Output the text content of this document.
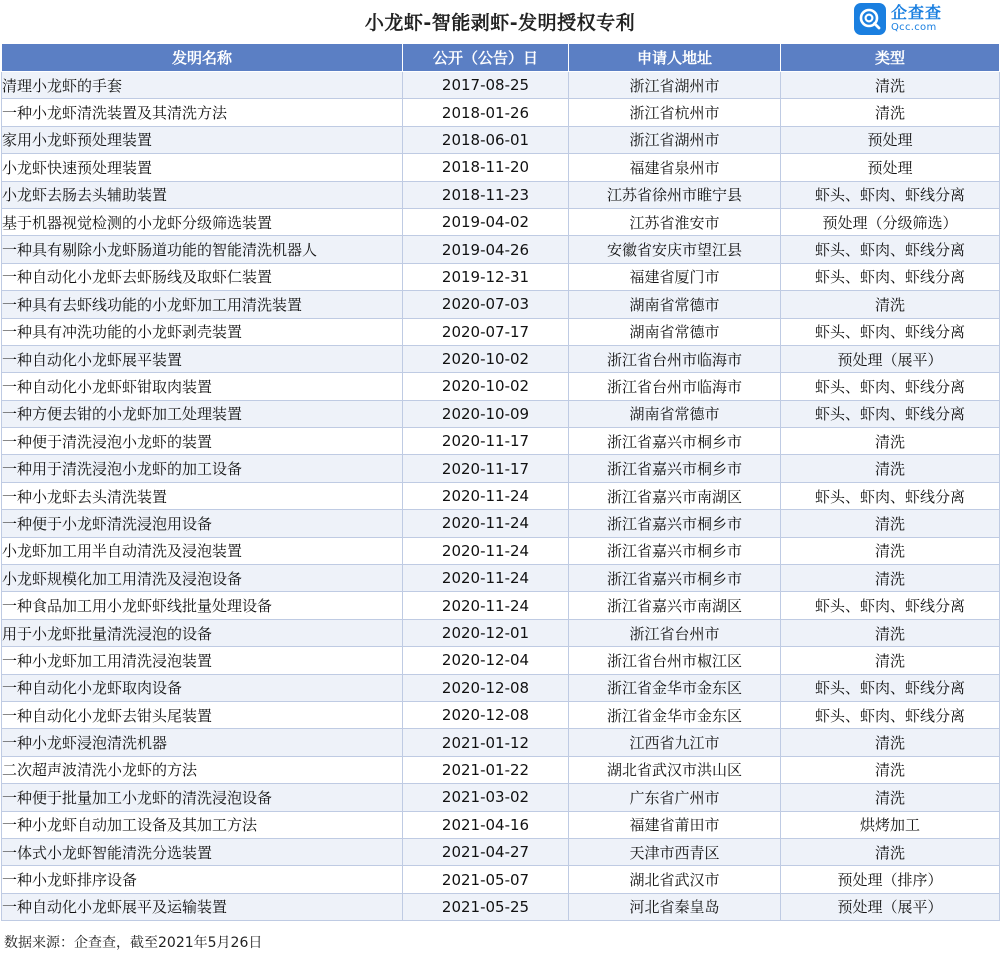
小龙虾-智能剥虾-发明授权专利	企查查
Qcc.com
发明名称	公开（公告）日	申请人地址	类型
清理小龙虾的手套	2017-08-25	浙江省湖州市	清洗
一种小龙虾清洗装置及其清洗方法	2018-01-26	浙江省杭州市	清洗
家用小龙虾预处理装置	2018-06-01	浙江省湖州市	预处理
小龙虾快速预处理装置	2018-11-20	福建省泉州市	预处理
小龙虾去肠去头辅助装置	2018-11-23	江苏省徐州市睢宁县	虾头、虾肉、虾线分离
基于机器视觉检测的小龙虾分级筛选装置	2019-04-02	江苏省淮安市	预处理（分级筛选）
一种具有剔除小龙虾肠道功能的智能清洗机器人	2019-04-26	安徽省安庆市望江县	虾头、虾肉、虾线分离
一种自动化小龙虾去虾肠线及取虾仁装置	2019-12-31	福建省厦门市	虾头、虾肉、虾线分离
一种具有去虾线功能的小龙虾加工用清洗装置	2020-07-03	湖南省常德市	清洗
一种具有冲洗功能的小龙虾剥壳装置	2020-07-17	湖南省常德市	虾头、虾肉、虾线分离
一种自动化小龙虾展平装置	2020-10-02	浙江省台州市临海市	预处理（展平）
一种自动化小龙虾虾钳取肉装置	2020-10-02	浙江省台州市临海市	虾头、虾肉、虾线分离
一种方便去钳的小龙虾加工处理装置	2020-10-09	湖南省常德市	虾头、虾肉、虾线分离
一种便于清洗浸泡小龙虾的装置	2020-11-17	浙江省嘉兴市桐乡市	清洗
一种用于清洗浸泡小龙虾的加工设备	2020-11-17	浙江省嘉兴市桐乡市	清洗
一种小龙虾去头清洗装置	2020-11-24	浙江省嘉兴市南湖区	虾头、虾肉、虾线分离
一种便于小龙虾清洗浸泡用设备	2020-11-24	浙江省嘉兴市桐乡市	清洗
小龙虾加工用半自动清洗及浸泡装置	2020-11-24	浙江省嘉兴市桐乡市	清洗
小龙虾规模化加工用清洗及浸泡设备	2020-11-24	浙江省嘉兴市桐乡市	清洗
一种食品加工用小龙虾虾线批量处理设备	2020-11-24	浙江省嘉兴市南湖区	虾头、虾肉、虾线分离
用于小龙虾批量清洗浸泡的设备	2020-12-01	浙江省台州市	清洗
一种小龙虾加工用清洗浸泡装置	2020-12-04	浙江省台州市椒江区	清洗
一种自动化小龙虾取肉设备	2020-12-08	浙江省金华市金东区	虾头、虾肉、虾线分离
一种自动化小龙虾去钳头尾装置	2020-12-08	浙江省金华市金东区	虾头、虾肉、虾线分离
一种小龙虾浸泡清洗机器	2021-01-12	江西省九江市	清洗
二次超声波清洗小龙虾的方法	2021-01-22	湖北省武汉市洪山区	清洗
一种便于批量加工小龙虾的清洗浸泡设备	2021-03-02	广东省广州市	清洗
一种小龙虾自动加工设备及其加工方法	2021-04-16	福建省莆田市	烘烤加工
一体式小龙虾智能清洗分选装置	2021-04-27	天津市西青区	清洗
一种小龙虾排序设备	2021-05-07	湖北省武汉市	预处理（排序）
一种自动化小龙虾展平及运输装置	2021-05-25	河北省秦皇岛	预处理（展平）
数据来源：企查查，截至2021年5月26日
